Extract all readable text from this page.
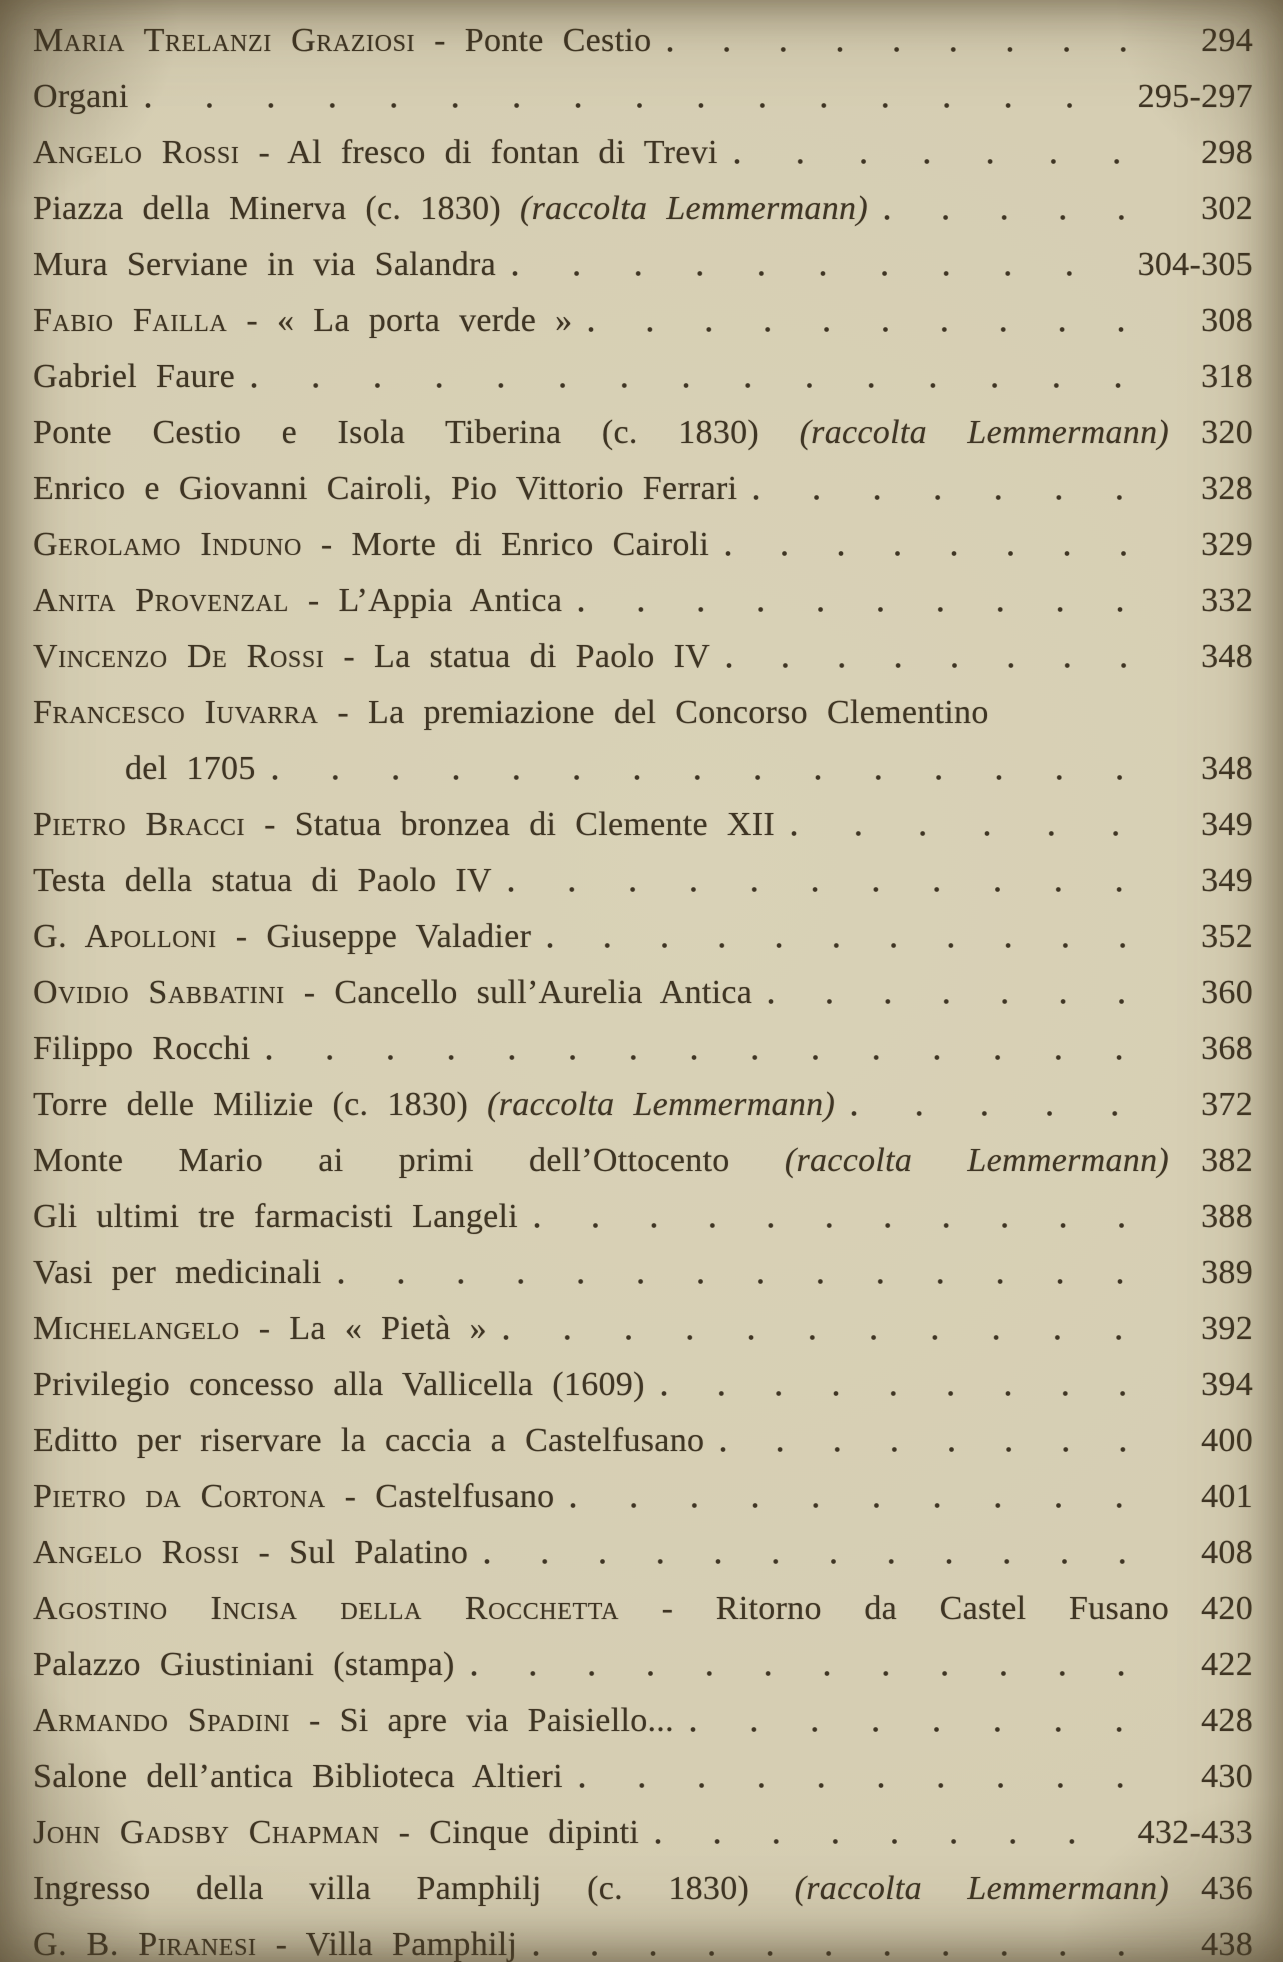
Maria Trelanzi Graziosi - Ponte Cestio	294
Organi	295-297
Angelo Rossi - Al fresco di fontan di Trevi	298
Piazza della Minerva (c. 1830) (raccolta Lemmermann)	302
Mura Serviane in via Salandra	304-305
Fabio Failla - « La porta verde »	308
Gabriel Faure	318
Ponte Cestio e Isola Tiberina (c. 1830) (raccolta Lemmermann) 320
Enrico e Giovanni Cairoli, Pio Vittorio Ferrari	328
Gerolamo Induno - Morte di Enrico Cairoli	329
Anita Provenzal - L’Appia Antica	332
Vincenzo De Rossi - La statua di Paolo IV	348
Francesco Iuvarra - La premiazione del Concorso Clementino
del 1705	348
Pietro Bracci - Statua bronzea di Clemente XII	349
Testa della statua di Paolo IV	349
G. Apolloni - Giuseppe Valadier	352
Ovidio Sabbatini - Cancello sull’Aurelia Antica	360
Filippo Rocchi	368
Torre delle Milizie (c. 1830) (raccolta Lemmermann)	372
Monte Mario ai primi dell’Ottocento (raccolta Lemmermann) 382
Gli ultimi tre farmacisti Langeli	388
Vasi per medicinali	389
Michelangelo - La « Pietà »	392
Privilegio concesso alla Vallicella (1609)	394
Editto per riservare la caccia a Castelfusano	400
Pietro da Cortona - Castelfusano	401
Angelo Rossi - Sul Palatino	408
Agostino Incisa della Rocchetta - Ritorno da Castel Fusano 420
Palazzo Giustiniani (stampa)	422
Armando Spadini - Si apre via Paisiello...	428
Salone dell’antica Biblioteca Altieri	430
John Gadsby Chapman - Cinque dipinti	432-433
Ingresso della villa Pamphilj (c. 1830) (raccolta Lemmermann) 436
G. B. Piranesi - Villa Pamphilj	438
